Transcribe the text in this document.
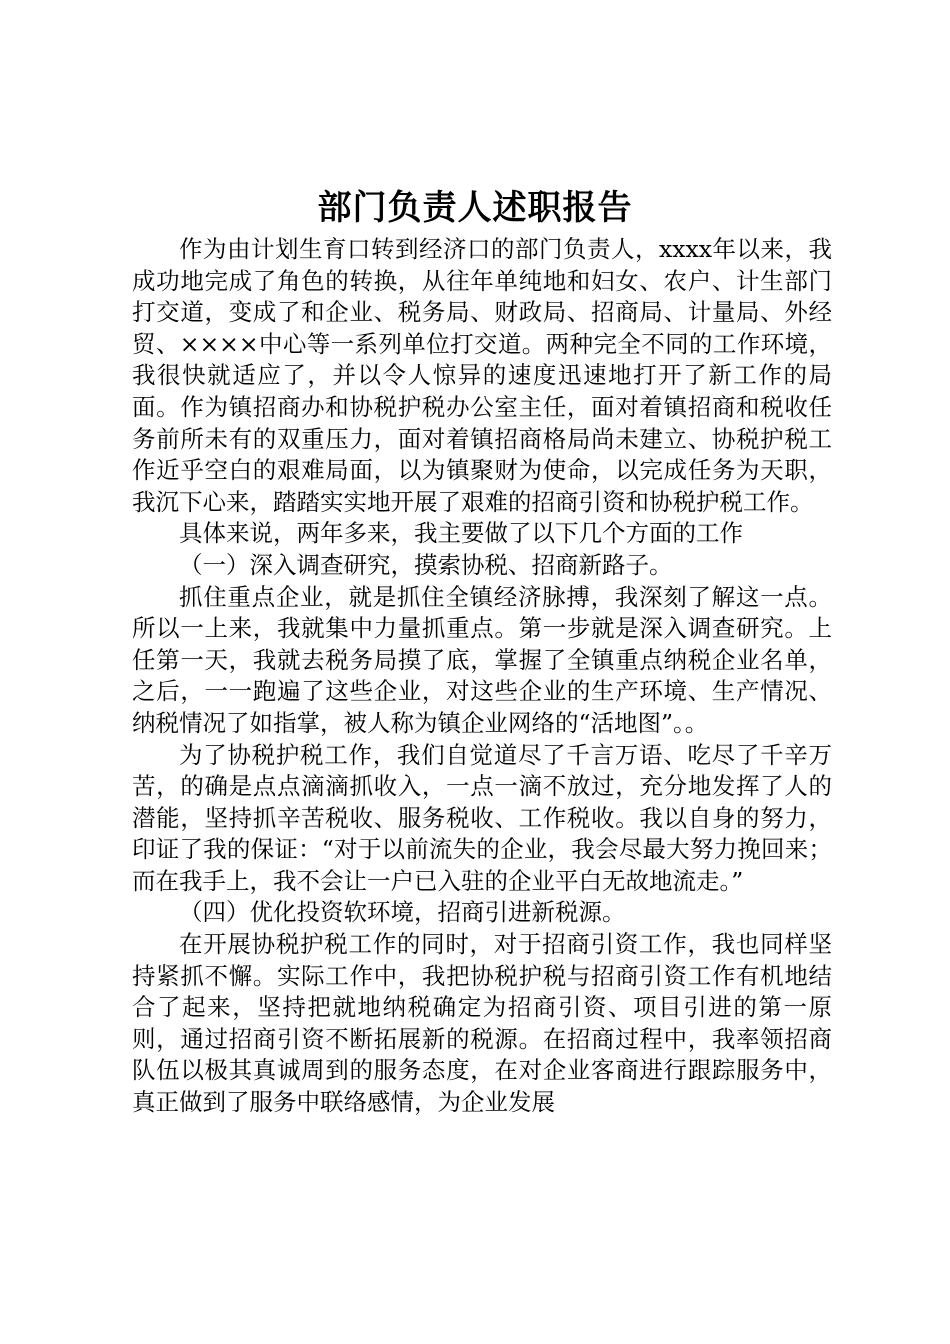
部门负责人述职报告

作为由计划生育口转到经济口的部门负责人，xxxx年以来，我成功地完成了角色的转换，从往年单纯地和妇女、农户、计生部门打交道，变成了和企业、税务局、财政局、招商局、计量局、外经贸、××××中心等一系列单位打交道。两种完全不同的工作环境，我很快就适应了，并以令人惊异的速度迅速地打开了新工作的局面。作为镇招商办和协税护税办公室主任，面对着镇招商和税收任务前所未有的双重压力，面对着镇招商格局尚未建立、协税护税工作近乎空白的艰难局面，以为镇聚财为使命，以完成任务为天职，我沉下心来，踏踏实实地开展了艰难的招商引资和协税护税工作。

具体来说，两年多来，我主要做了以下几个方面的工作

（一）深入调查研究，摸索协税、招商新路子。

抓住重点企业，就是抓住全镇经济脉搏，我深刻了解这一点。所以一上来，我就集中力量抓重点。第一步就是深入调查研究。上任第一天，我就去税务局摸了底，掌握了全镇重点纳税企业名单，之后，一一跑遍了这些企业，对这些企业的生产环境、生产情况、纳税情况了如指掌，被人称为镇企业网络的“活地图”。。

为了协税护税工作，我们自觉道尽了千言万语、吃尽了千辛万苦，的确是点点滴滴抓收入，一点一滴不放过，充分地发挥了人的潜能，坚持抓辛苦税收、服务税收、工作税收。我以自身的努力，印证了我的保证：“对于以前流失的企业，我会尽最大努力挽回来；而在我手上，我不会让一户已入驻的企业平白无故地流走。”

（四）优化投资软环境，招商引进新税源。

在开展协税护税工作的同时，对于招商引资工作，我也同样坚持紧抓不懈。实际工作中，我把协税护税与招商引资工作有机地结合了起来，坚持把就地纳税确定为招商引资、项目引进的第一原则，通过招商引资不断拓展新的税源。在招商过程中，我率领招商队伍以极其真诚周到的服务态度，在对企业客商进行跟踪服务中，真正做到了服务中联络感情，为企业发展
